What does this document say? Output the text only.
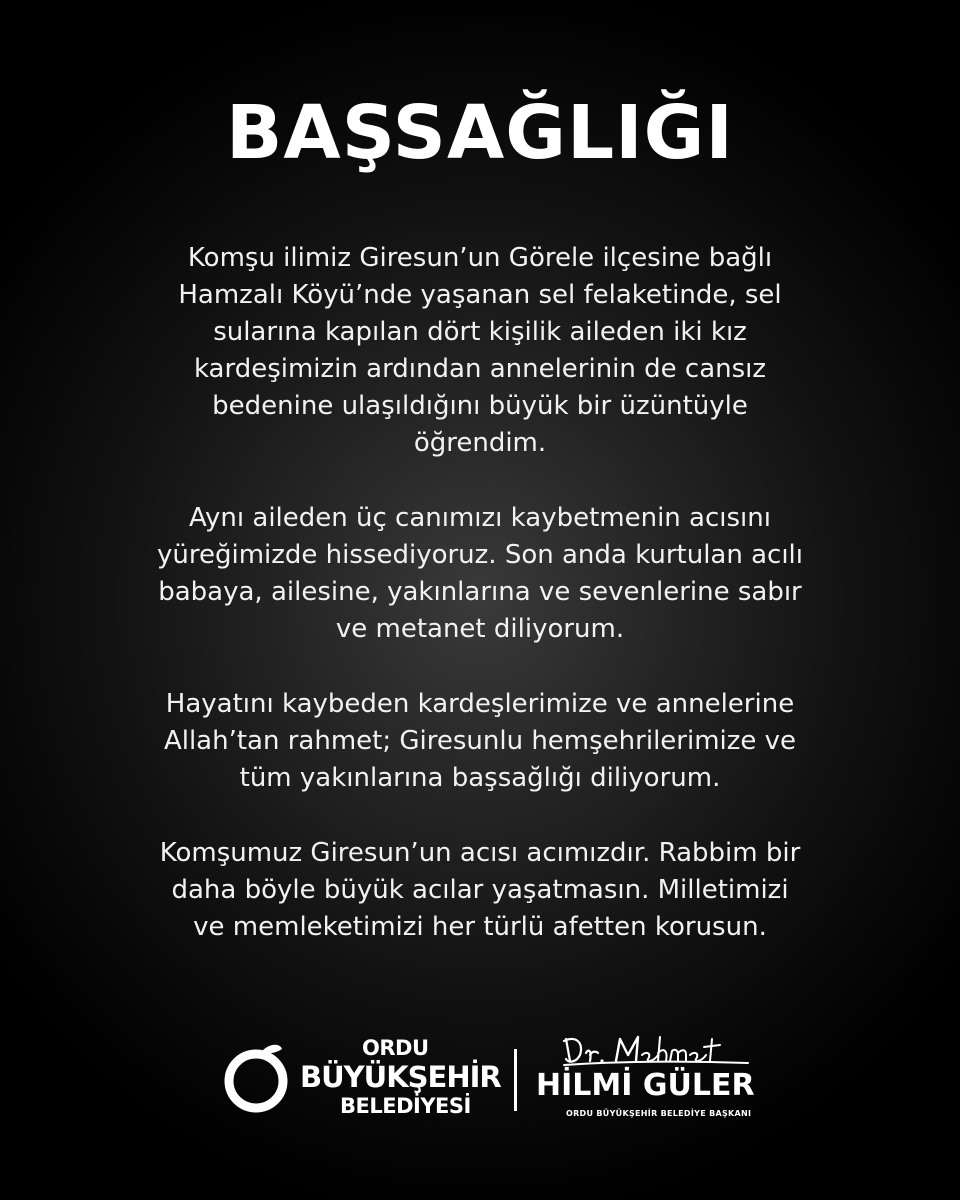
BAŞSAĞLIĞI

Komşu ilimiz Giresun’un Görele ilçesine bağlı
Hamzalı Köyü’nde yaşanan sel felaketinde, sel
sularına kapılan dört kişilik aileden iki kız
kardeşimizin ardından annelerinin de cansız
bedenine ulaşıldığını büyük bir üzüntüyle
öğrendim.

Aynı aileden üç canımızı kaybetmenin acısını
yüreğimizde hissediyoruz. Son anda kurtulan acılı
babaya, ailesine, yakınlarına ve sevenlerine sabır
ve metanet diliyorum.

Hayatını kaybeden kardeşlerimize ve annelerine
Allah’tan rahmet; Giresunlu hemşehrilerimize ve
tüm yakınlarına başsağlığı diliyorum.

Komşumuz Giresun’un acısı acımızdır. Rabbim bir
daha böyle büyük acılar yaşatmasın. Milletimizi
ve memleketimizi her türlü afetten korusun.

ORDU
BÜYÜKŞEHİR
BELEDİYESİ
HİLMİ GÜLER
ORDU BÜYÜKŞEHİR BELEDİYE BAŞKANI
